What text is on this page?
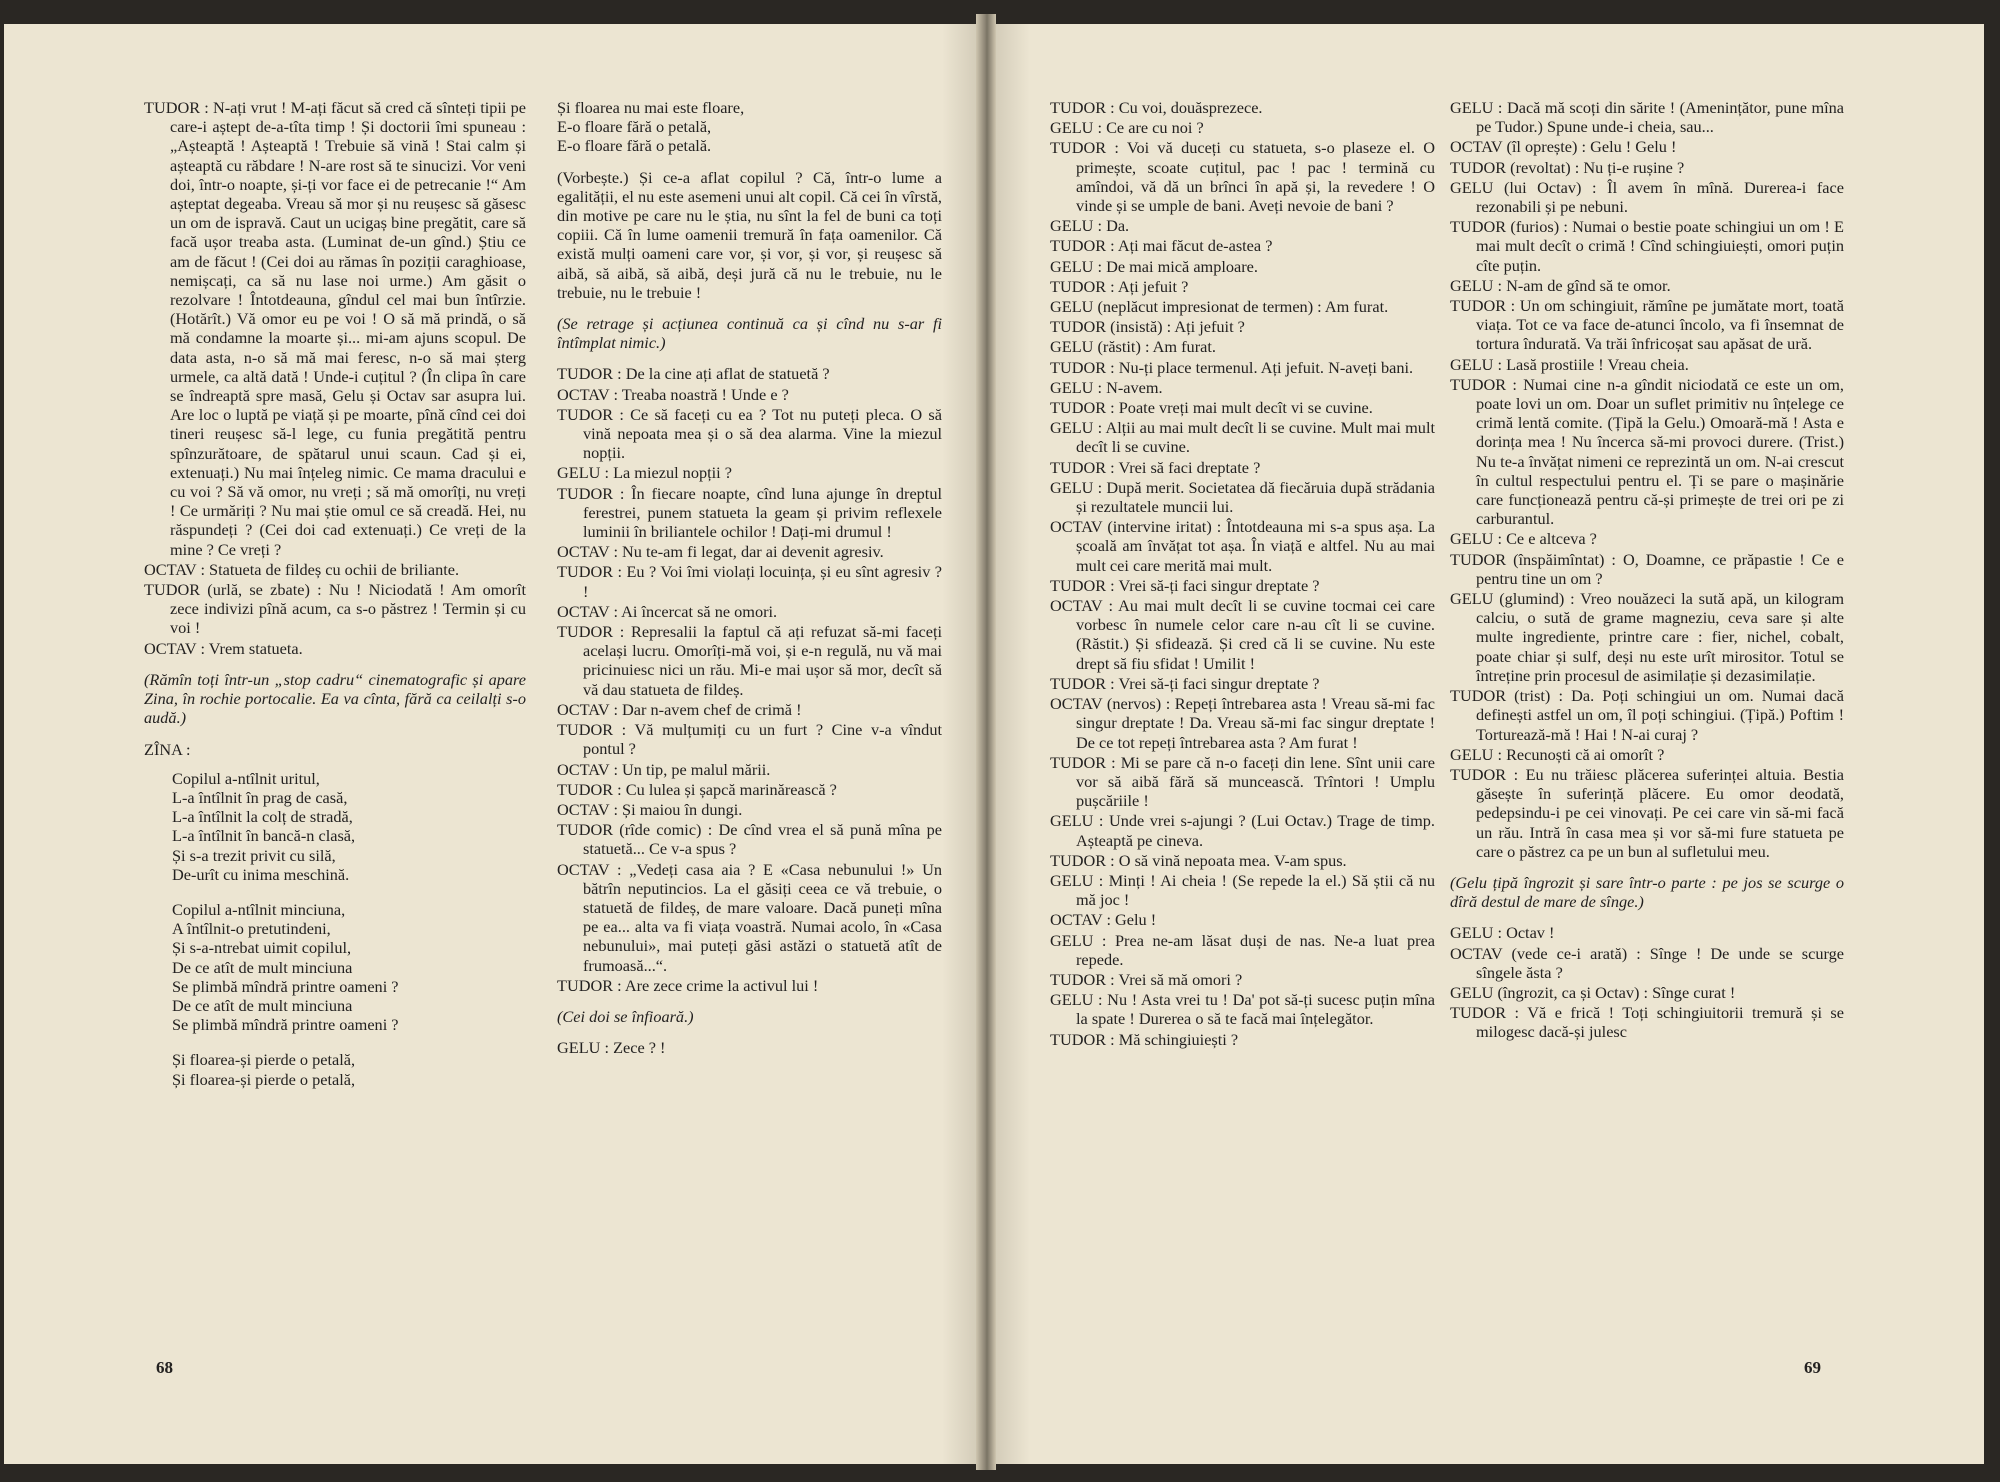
TUDOR : N-ați vrut ! M-ați făcut să cred că sînteți tipii pe care-i aștept de-a-tîta timp ! Și doctorii îmi spuneau : „Așteaptă ! Așteaptă ! Trebuie să vină ! Stai calm și așteaptă cu răbdare ! N-are rost să te sinucizi. Vor veni doi, într-o noapte, și-ți vor face ei de petrecanie !“ Am așteptat degeaba. Vreau să mor și nu reușesc să găsesc un om de ispravă. Caut un ucigaș bine pregătit, care să facă ușor treaba asta. (Luminat de-un gînd.) Știu ce am de făcut ! (Cei doi au rămas în poziții caraghioase, nemișcați, ca să nu lase noi urme.) Am găsit o rezolvare ! Întotdeauna, gîndul cel mai bun întîrzie. (Hotărît.) Vă omor eu pe voi ! O să mă prindă, o să mă condamne la moarte și... mi-am ajuns scopul. De data asta, n-o să mă mai feresc, n-o să mai șterg urmele, ca altă dată ! Unde-i cuțitul ? (În clipa în care se îndreaptă spre masă, Gelu și Octav sar asupra lui. Are loc o luptă pe viață și pe moarte, pînă cînd cei doi tineri reușesc să-l lege, cu funia pregătită pentru spînzurătoare, de spătarul unui scaun. Cad și ei, extenuați.) Nu mai înțeleg nimic. Ce mama dracului e cu voi ? Să vă omor, nu vreți ; să mă omorîți, nu vreți ! Ce urmăriți ? Nu mai știe omul ce să creadă. Hei, nu răspundeți ? (Cei doi cad extenuați.) Ce vreți de la mine ? Ce vreți ?

OCTAV : Statueta de fildeș cu ochii de briliante.

TUDOR (urlă, se zbate) : Nu ! Niciodată ! Am omorît zece indivizi pînă acum, ca s-o păstrez ! Termin și cu voi !

OCTAV : Vrem statueta.

(Rămîn toți într-un „stop cadru“ cinematografic și apare Zina, în rochie portocalie. Ea va cînta, fără ca ceilalți s-o audă.)

ZÎNA :

Copilul a-ntîlnit uritul,
L-a întîlnit în prag de casă,
L-a întîlnit la colț de stradă,
L-a întîlnit în bancă-n clasă,
Și s-a trezit privit cu silă,
De-urît cu inima meschină.
Copilul a-ntîlnit minciuna,
A întîlnit-o pretutindeni,
Și s-a-ntrebat uimit copilul,
De ce atît de mult minciuna
Se plimbă mîndră printre oameni ?
De ce atît de mult minciuna
Se plimbă mîndră printre oameni ?
Și floarea-și pierde o petală,
Și floarea-și pierde o petală,
Și floarea nu mai este floare,
E-o floare fără o petală,
E-o floare fără o petală.

(Vorbește.) Și ce-a aflat copilul ? Că, într-o lume a egalității, el nu este asemeni unui alt copil. Că cei în vîrstă, din motive pe care nu le știa, nu sînt la fel de buni ca toți copiii. Că în lume oamenii tremură în fața oamenilor. Că există mulți oameni care vor, și vor, și vor, și reușesc să aibă, să aibă, să aibă, deși jură că nu le trebuie, nu le trebuie, nu le trebuie !

(Se retrage și acțiunea continuă ca și cînd nu s-ar fi întîmplat nimic.)

TUDOR : De la cine ați aflat de statuetă ?

OCTAV : Treaba noastră ! Unde e ?

TUDOR : Ce să faceți cu ea ? Tot nu puteți pleca. O să vină nepoata mea și o să dea alarma. Vine la miezul nopții.

GELU : La miezul nopții ?

TUDOR : În fiecare noapte, cînd luna ajunge în dreptul ferestrei, punem statueta la geam și privim reflexele luminii în briliantele ochilor ! Dați-mi drumul !

OCTAV : Nu te-am fi legat, dar ai devenit agresiv.

TUDOR : Eu ? Voi îmi violați locuința, și eu sînt agresiv ? !

OCTAV : Ai încercat să ne omori.

TUDOR : Represalii la faptul că ați refuzat să-mi faceți același lucru. Omorîți-mă voi, și e-n regulă, nu vă mai pricinuiesc nici un rău. Mi-e mai ușor să mor, decît să vă dau statueta de fildeș.

OCTAV : Dar n-avem chef de crimă !

TUDOR : Vă mulțumiți cu un furt ? Cine v-a vîndut pontul ?

OCTAV : Un tip, pe malul mării.

TUDOR : Cu lulea și șapcă marinărească ?

OCTAV : Și maiou în dungi.

TUDOR (rîde comic) : De cînd vrea el să pună mîna pe statuetă... Ce v-a spus ?

OCTAV : „Vedeți casa aia ? E «Casa nebunului !» Un bătrîn neputincios. La el găsiți ceea ce vă trebuie, o statuetă de fildeș, de mare valoare. Dacă puneți mîna pe ea... alta va fi viața voastră. Numai acolo, în «Casa nebunului», mai puteți găsi astăzi o statuetă atît de frumoasă...“.

TUDOR : Are zece crime la activul lui !

(Cei doi se înfioară.)

GELU : Zece ? !

68

TUDOR : Cu voi, douăsprezece.

GELU : Ce are cu noi ?

TUDOR : Voi vă duceți cu statueta, s-o plaseze el. O primește, scoate cuțitul, pac ! pac ! termină cu amîndoi, vă dă un brînci în apă și, la revedere ! O vinde și se umple de bani. Aveți nevoie de bani ?

GELU : Da.

TUDOR : Ați mai făcut de-astea ?

GELU : De mai mică amploare.

TUDOR : Ați jefuit ?

GELU (neplăcut impresionat de termen) : Am furat.

TUDOR (insistă) : Ați jefuit ?

GELU (răstit) : Am furat.

TUDOR : Nu-ți place termenul. Ați jefuit. N-aveți bani.

GELU : N-avem.

TUDOR : Poate vreți mai mult decît vi se cuvine.

GELU : Alții au mai mult decît li se cuvine. Mult mai mult decît li se cuvine.

TUDOR : Vrei să faci dreptate ?

GELU : După merit. Societatea dă fiecăruia după strădania și rezultatele muncii lui.

OCTAV (intervine iritat) : Întotdeauna mi s-a spus așa. La școală am învățat tot așa. În viață e altfel. Nu au mai mult cei care merită mai mult.

TUDOR : Vrei să-ți faci singur dreptate ?

OCTAV : Au mai mult decît li se cuvine tocmai cei care vorbesc în numele celor care n-au cît li se cuvine. (Răstit.) Și sfidează. Și cred că li se cuvine. Nu este drept să fiu sfidat ! Umilit !

TUDOR : Vrei să-ți faci singur dreptate ?

OCTAV (nervos) : Repeți întrebarea asta ! Vreau să-mi fac singur dreptate ! Da. Vreau să-mi fac singur dreptate ! De ce tot repeți întrebarea asta ? Am furat !

TUDOR : Mi se pare că n-o faceți din lene. Sînt unii care vor să aibă fără să muncească. Trîntori ! Umplu pușcăriile !

GELU : Unde vrei s-ajungi ? (Lui Octav.) Trage de timp. Așteaptă pe cineva.

TUDOR : O să vină nepoata mea. V-am spus.

GELU : Minți ! Ai cheia ! (Se repede la el.) Să știi că nu mă joc !

OCTAV : Gelu !

GELU : Prea ne-am lăsat duși de nas. Ne-a luat prea repede.

TUDOR : Vrei să mă omori ?

GELU : Nu ! Asta vrei tu ! Da' pot să-ți sucesc puțin mîna la spate ! Durerea o să te facă mai înțelegător.

TUDOR : Mă schingiuiești ?

GELU : Dacă mă scoți din sărite ! (Amenințător, pune mîna pe Tudor.) Spune unde-i cheia, sau...

OCTAV (îl oprește) : Gelu ! Gelu !

TUDOR (revoltat) : Nu ți-e rușine ?

GELU (lui Octav) : Îl avem în mînă. Durerea-i face rezonabili și pe nebuni.

TUDOR (furios) : Numai o bestie poate schingiui un om ! E mai mult decît o crimă ! Cînd schingiuiești, omori puțin cîte puțin.

GELU : N-am de gînd să te omor.

TUDOR : Un om schingiuit, rămîne pe jumătate mort, toată viața. Tot ce va face de-atunci încolo, va fi însemnat de tortura îndurată. Va trăi înfricoșat sau apăsat de ură.

GELU : Lasă prostiile ! Vreau cheia.

TUDOR : Numai cine n-a gîndit niciodată ce este un om, poate lovi un om. Doar un suflet primitiv nu înțelege ce crimă lentă comite. (Țipă la Gelu.) Omoară-mă ! Asta e dorința mea ! Nu încerca să-mi provoci durere. (Trist.) Nu te-a învățat nimeni ce reprezintă un om. N-ai crescut în cultul respectului pentru el. Ți se pare o mașinărie care funcționează pentru că-și primește de trei ori pe zi carburantul.

GELU : Ce e altceva ?

TUDOR (înspăimîntat) : O, Doamne, ce prăpastie ! Ce e pentru tine un om ?

GELU (glumind) : Vreo nouăzeci la sută apă, un kilogram calciu, o sută de grame magneziu, ceva sare și alte multe ingrediente, printre care : fier, nichel, cobalt, poate chiar și sulf, deși nu este urît mirositor. Totul se întreține prin procesul de asimilație și dezasimilație.

TUDOR (trist) : Da. Poți schingiui un om. Numai dacă definești astfel un om, îl poți schingiui. (Țipă.) Poftim ! Torturează-mă ! Hai ! N-ai curaj ?

GELU : Recunoști că ai omorît ?

TUDOR : Eu nu trăiesc plăcerea suferinței altuia. Bestia găsește în suferință plăcere. Eu omor deodată, pedepsindu-i pe cei vinovați. Pe cei care vin să-mi facă un rău. Intră în casa mea și vor să-mi fure statueta pe care o păstrez ca pe un bun al sufletului meu.

(Gelu țipă îngrozit și sare într-o parte : pe jos se scurge o dîră destul de mare de sînge.)

GELU : Octav !

OCTAV (vede ce-i arată) : Sînge ! De unde se scurge sîngele ăsta ?

GELU (îngrozit, ca și Octav) : Sînge curat !

TUDOR : Vă e frică ! Toți schingiuitorii tremură și se milogesc dacă-și julesc

69
